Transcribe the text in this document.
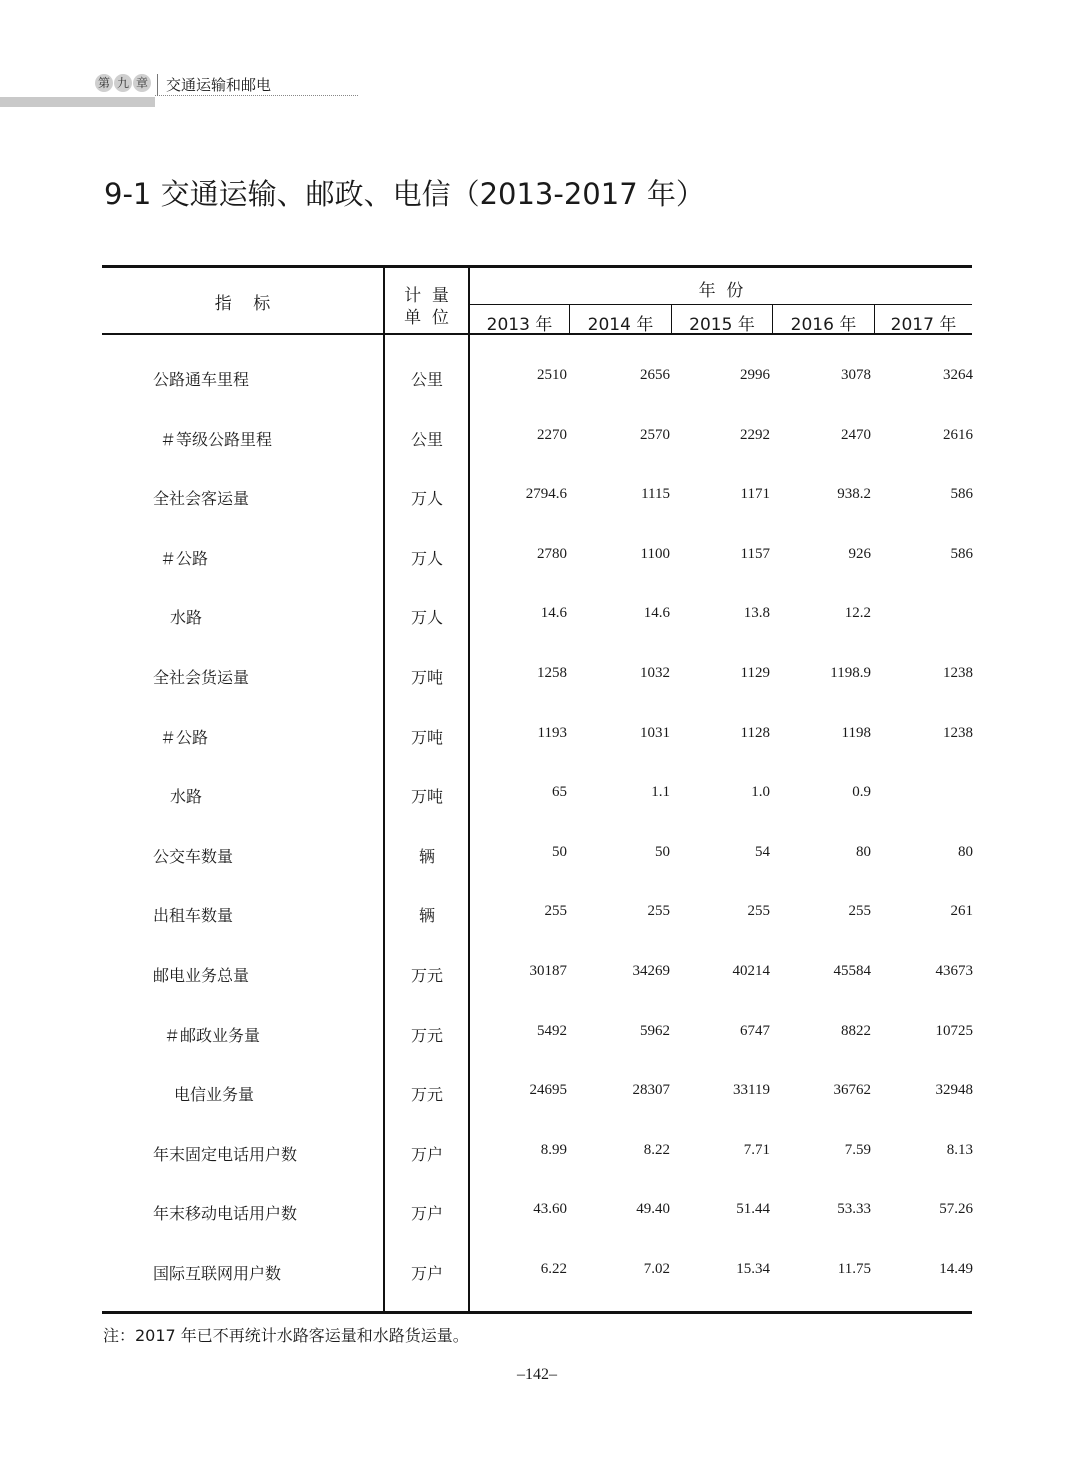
第 九 章 交通运输和邮电
9-1 交通运输、邮政、电信（2013-2017 年）
指    标	计  量
单  位
年  份
2013 年	2014 年	2015 年	2016 年	2017 年
公路通车里程	公里	2510	2656	2996	3078	3264
＃等级公路里程	公里	2270	2570	2292	2470	2616
全社会客运量	万人	2794.6	1115	1171	938.2	586
＃公路	万人	2780	1100	1157	926	586
水路	万人	14.6	14.6	13.8	12.2
全社会货运量	万吨	1258	1032	1129	1198.9	1238
＃公路	万吨	1193	1031	1128	1198	1238
水路	万吨	65	1.1	1.0	0.9
公交车数量	辆	50	50	54	80	80
出租车数量	辆	255	255	255	255	261
邮电业务总量	万元	30187	34269	40214	45584	43673
＃邮政业务量	万元	5492	5962	6747	8822	10725
电信业务量	万元	24695	28307	33119	36762	32948
年末固定电话用户数	万户	8.99	8.22	7.71	7.59	8.13
年末移动电话用户数	万户	43.60	49.40	51.44	53.33	57.26
国际互联网用户数	万户	6.22	7.02	15.34	11.75	14.49
注：2017 年已不再统计水路客运量和水路货运量。
–142–
